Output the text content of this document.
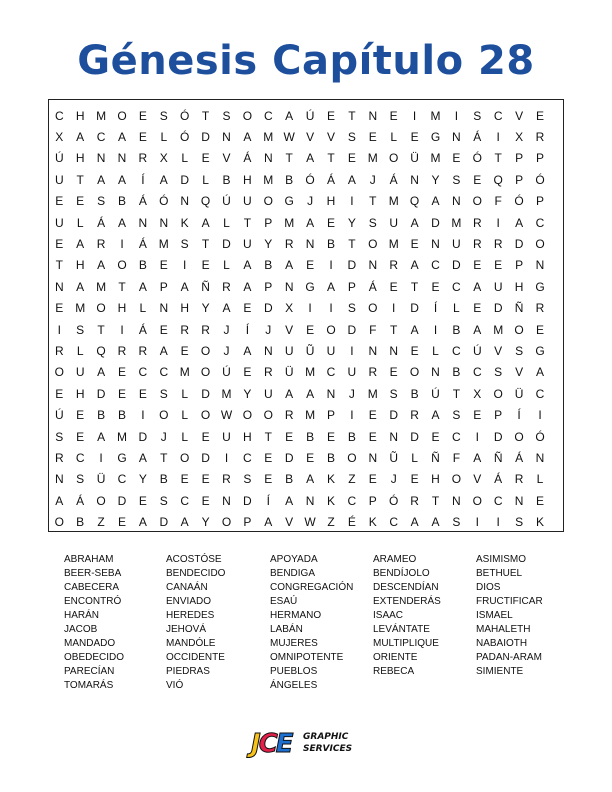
Génesis Capítulo 28
C	H M O	E	S	Ó	T	S	O C	A	Ú	E	T	N	E	I	M	I	S	C	V	E
X	A	C	A	E	L	Ó D	N	A M W V	V	S	E	L	E	G N	Á	I	X	R
Ú	H	N	N	R	X	L	E	V	Á	N	T	A	T	E M O Ü M E	Ó	T	P	P
U	T	A	A	Í	A	D	L	B	H M B	Ó	Á	A	J	Á	N	Y	S	E	Q	P	Ó
E	E	S	B	Á	Ó N Q Ú	U O G	J	H	I	T	M Q	A	N O	F	Ó	P
U	L	Á	A	N	N	K	A	L	T	P M A	E	Y	S	U	A	D M R	I	A	C
E	A	R	I	Á M S	T	D	U	Y	R	N	B	T	O M E	N	U	R	R	D O
T	H	A	O	B	E	I	E	L	A	B	A	E	I	D	N	R	A	C	D	E	E	P	N
N	A M	T	A	P	A	Ñ	R	A	P	N G	A	P	Á	E	T	E	C	A	U	H G
E M O H	L	N	H	Y	A	E	D	X	I	I	S	O	I	D	Í	L	E	D	Ñ	R
I	S	T	I	Á	E	R	R	J	Í	J	V	E	O D	F	T	A	I	B	A M O	E
R	L	Q R	R	A	E	O	J	A	N	U	Ũ	U	I	N	N	E	L	C	Ú	V	S	G
O U	A	E	C	C M O Ú	E	R	Ü M C	U	R	E	O N	B	C	S	V	A
E	H	D	E	E	S	L	D M Y	U	A	A	N	J	M S	B	Ú	T	X	O Ü	C
Ú	E	B	B	I	O	L	O W O O R M P	I	E	D	R	A	S	E	P	Í	I
S	E	A M D	J	L	E	U	H	T	E	B	E	B	E	N	D	E	C	I	D O Ó
R	C	I	G	A	T	O D	I	C	E	D	E	B	O N	Ũ	L	Ñ	F	A	Ñ	Á	N
N	S	Ü	C	Y	B	E	E	R	S	E	B	A	K	Z	E	J	E	H O	V	Á	R	L
A	Á	O D	E	S	C	E	N	D	Í	A	N	K	C	P	Ó R	T	N O C	N	E
O	B	Z	E	A	D	A	Y	O	P	A	V W Z	É	K	C	A	A	S	I	I	S	K
ABRAHAM
BEER-SEBA
CABECERA
ENCONTRÓ
HARÁN
JACOB
MANDADO
OBEDECIDO
PARECÍAN
TOMARÁS
ACOSTÓSE
BENDECIDO
CANAÁN
ENVIADO
HEREDES
JEHOVÁ
MANDÓLE
OCCIDENTE
PIEDRAS
VIÓ
APOYADA
BENDIGA
CONGREGACIÓN
ESAÚ
HERMANO
LABÁN
MUJERES
OMNIPOTENTE
PUEBLOS
ÁNGELES
ARAMEO
BENDÍJOLO
DESCENDÍAN
EXTENDERÁS
ISAAC
LEVÁNTATE
MULTIPLIQUE
ORIENTE
REBECA
ASIMISMO
BETHUEL
DIOS
FRUCTIFICAR
ISMAEL
MAHALETH
NABAIOTH
PADAN-ARAM
SIMIENTE
JCE	GRAPHIC
SERVICES
